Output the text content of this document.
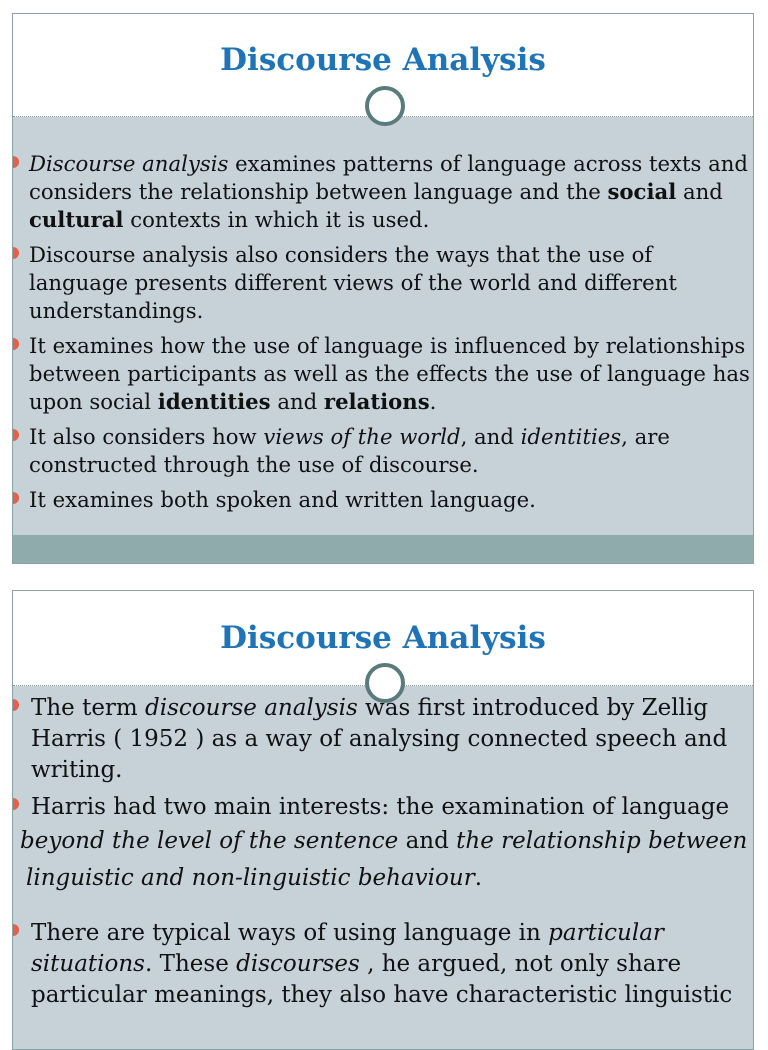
Discourse Analysis
Discourse analysis examines patterns of language across texts and considers the relationship between language and the social and cultural contexts in which it is used.
Discourse analysis also considers the ways that the use of language presents different views of the world and different understandings.
It examines how the use of language is influenced by relationships between participants as well as the effects the use of language has upon social identities and relations.
It also considers how views of the world, and identities, are constructed through the use of discourse.
It examines both spoken and written language.
Discourse Analysis
The term discourse analysis was first introduced by Zellig Harris ( 1952 ) as a way of analysing connected speech and writing.
Harris had two main interests: the examination of language
beyond the level of the sentence and the relationship between
linguistic and non-linguistic behaviour.
There are typical ways of using language in particular situations. These discourses , he argued, not only share particular meanings, they also have characteristic linguistic
